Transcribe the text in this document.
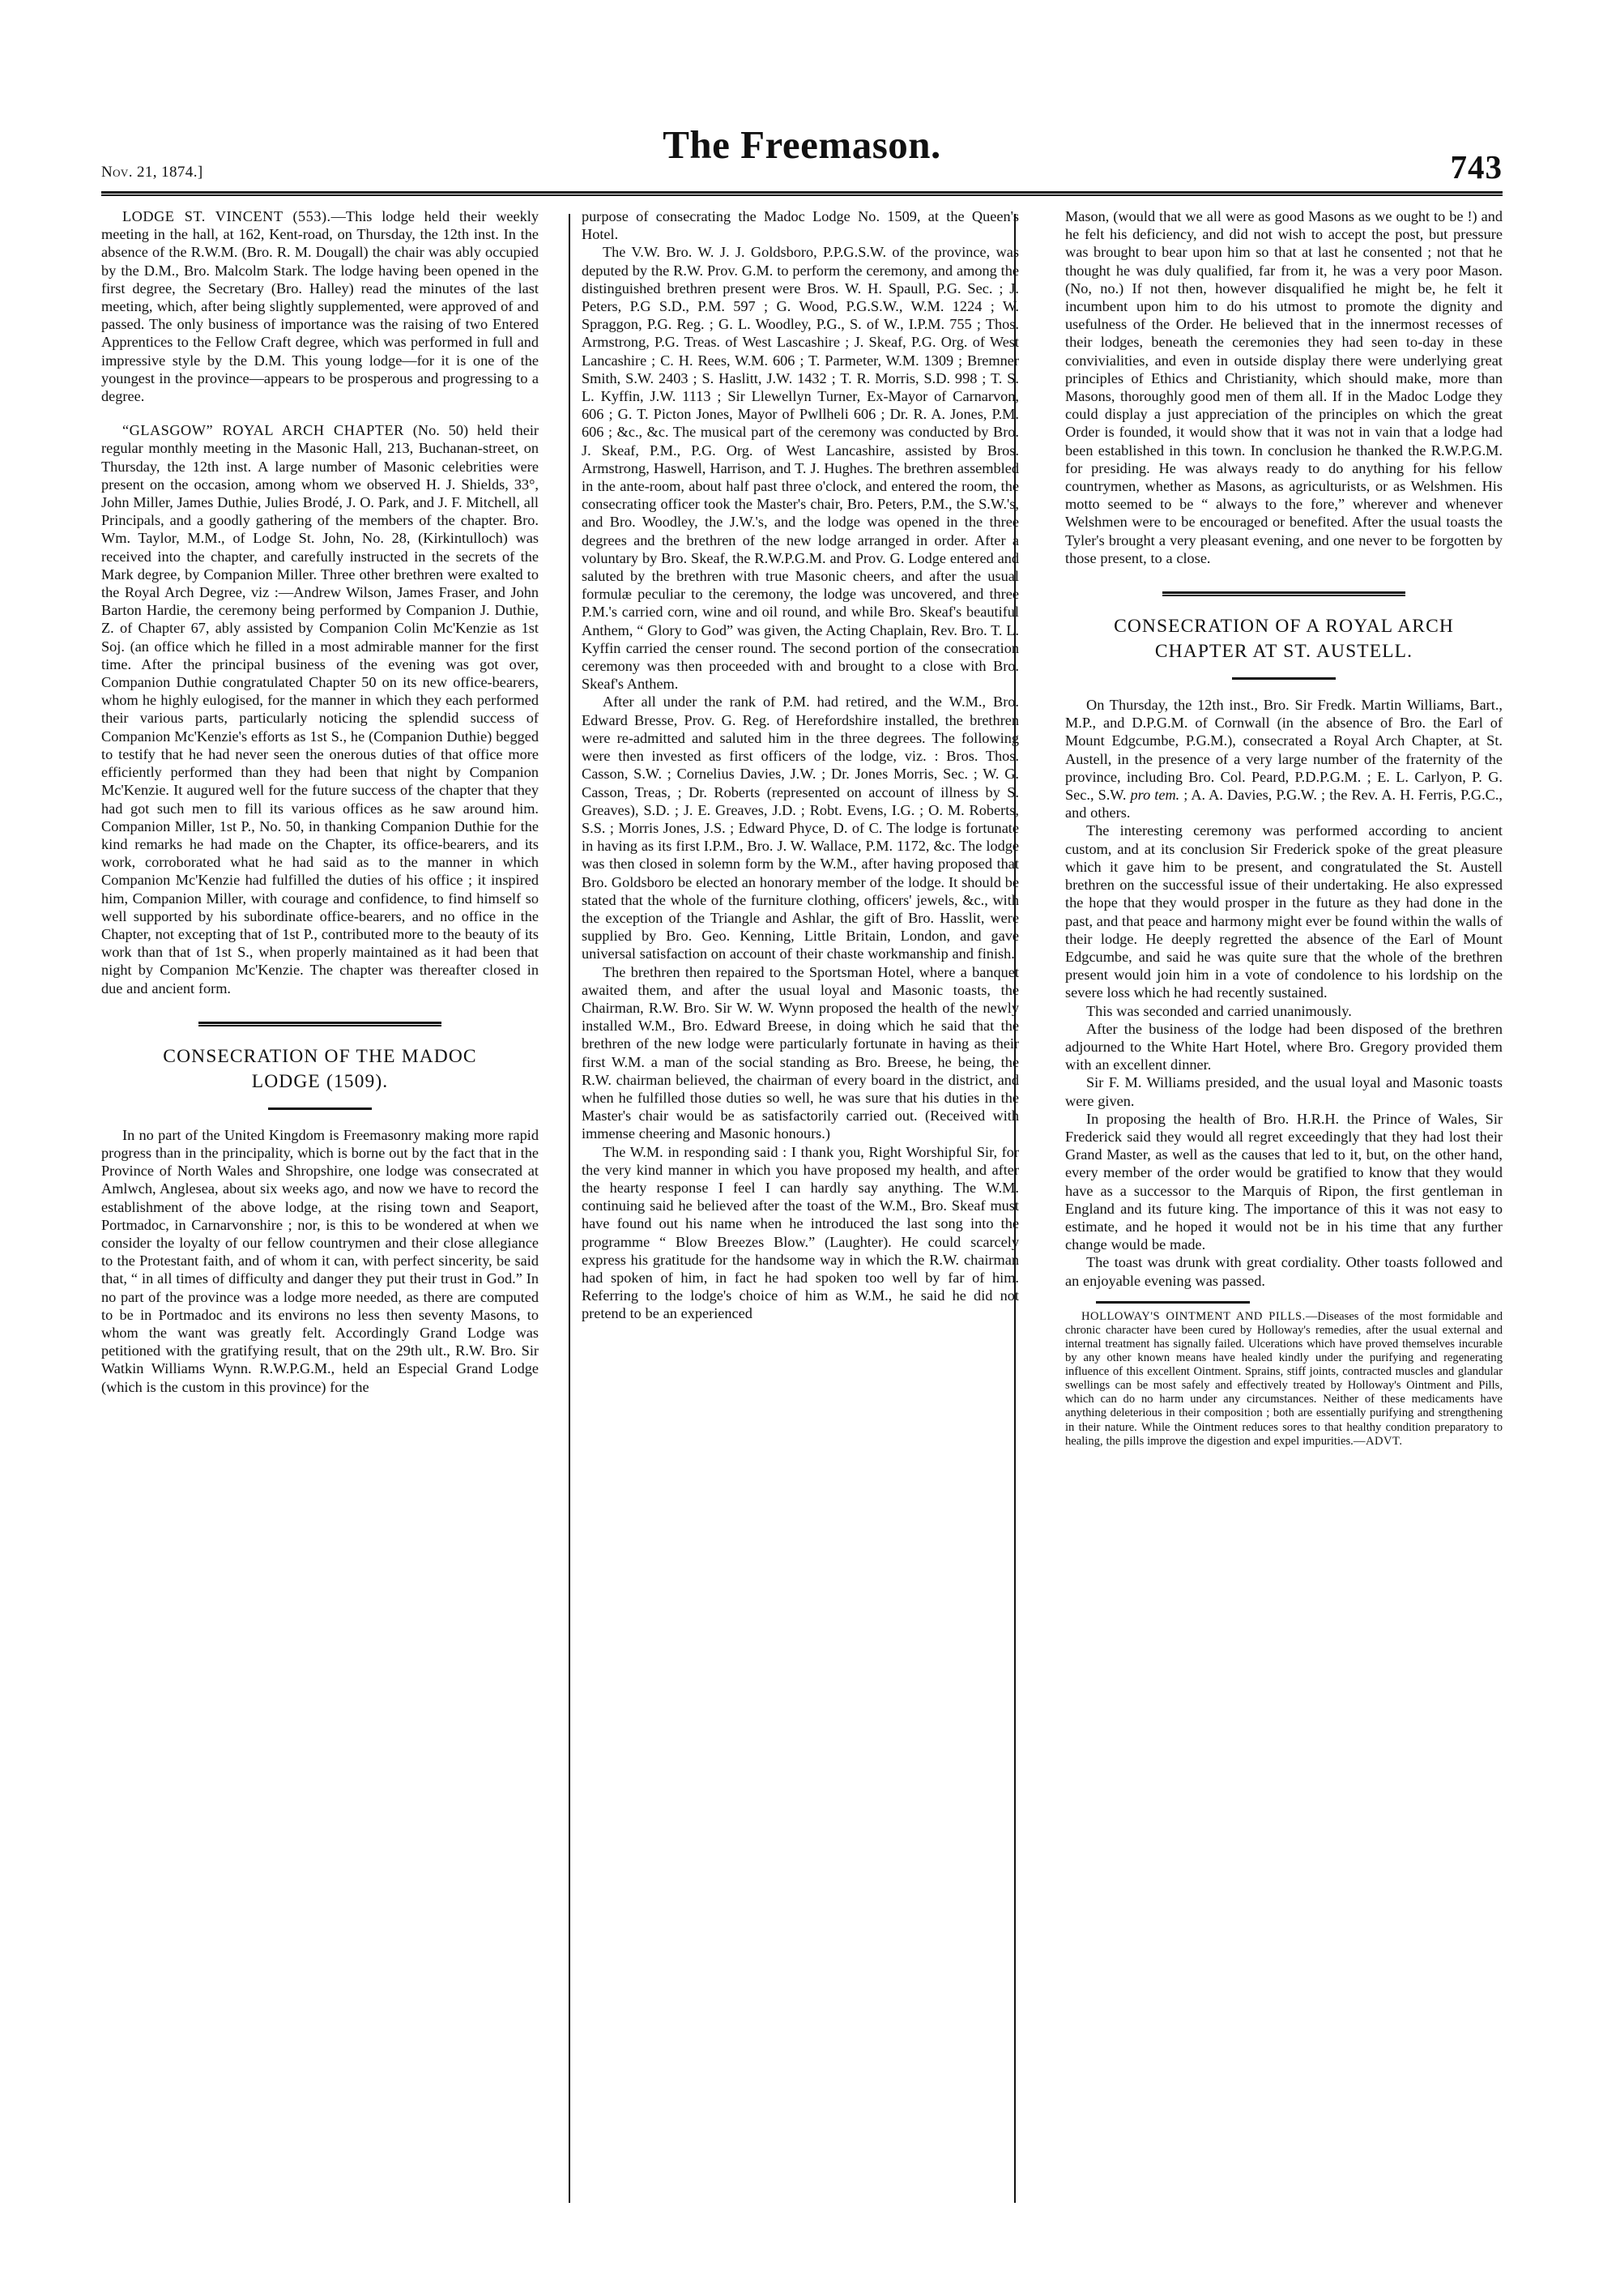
Nov. 21, 1874.]
The Freemason.	743

LODGE ST. VINCENT (553).—This lodge held their weekly meeting in the hall, at 162, Kent-road, on Thursday, the 12th inst. In the absence of the R.W.M. (Bro. R. M. Dougall) the chair was ably occupied by the D.M., Bro. Malcolm Stark. The lodge having been opened in the first degree, the Secretary (Bro. Halley) read the minutes of the last meeting, which, after being slightly supplemented, were approved of and passed. The only business of importance was the raising of two Entered Apprentices to the Fellow Craft degree, which was performed in full and impressive style by the D.M. This young lodge—for it is one of the youngest in the province—appears to be prosperous and progressing to a degree.

“GLASGOW” ROYAL ARCH CHAPTER (No. 50) held their regular monthly meeting in the Masonic Hall, 213, Buchanan-street, on Thursday, the 12th inst. A large number of Masonic celebrities were present on the occasion, among whom we observed H. J. Shields, 33°, John Miller, James Duthie, Julies Brodé, J. O. Park, and J. F. Mitchell, all Principals, and a goodly gathering of the members of the chapter. Bro. Wm. Taylor, M.M., of Lodge St. John, No. 28, (Kirkintulloch) was received into the chapter, and carefully instructed in the secrets of the Mark degree, by Companion Miller. Three other brethren were exalted to the Royal Arch Degree, viz :—Andrew Wilson, James Fraser, and John Barton Hardie, the ceremony being performed by Companion J. Duthie, Z. of Chapter 67, ably assisted by Companion Colin Mc'Kenzie as 1st Soj. (an office which he filled in a most admirable manner for the first time. After the principal business of the evening was got over, Companion Duthie congratulated Chapter 50 on its new office-bearers, whom he highly eulogised, for the manner in which they each performed their various parts, particularly noticing the splendid success of Companion Mc'Kenzie's efforts as 1st S., he (Companion Duthie) begged to testify that he had never seen the onerous duties of that office more efficiently performed than they had been that night by Companion Mc'Kenzie. It augured well for the future success of the chapter that they had got such men to fill its various offices as he saw around him. Companion Miller, 1st P., No. 50, in thanking Companion Duthie for the kind remarks he had made on the Chapter, its office-bearers, and its work, corroborated what he had said as to the manner in which Companion Mc'Kenzie had fulfilled the duties of his office ; it inspired him, Companion Miller, with courage and confidence, to find himself so well supported by his subordinate office-bearers, and no office in the Chapter, not excepting that of 1st P., contributed more to the beauty of its work than that of 1st S., when properly maintained as it had been that night by Companion Mc'Kenzie. The chapter was thereafter closed in due and ancient form.

CONSECRATION OF THE MADOC

LODGE (1509).

In no part of the United Kingdom is Freemasonry making more rapid progress than in the principality, which is borne out by the fact that in the Province of North Wales and Shropshire, one lodge was consecrated at Amlwch, Anglesea, about six weeks ago, and now we have to record the establishment of the above lodge, at the rising town and Seaport, Portmadoc, in Carnarvonshire ; nor, is this to be wondered at when we consider the loyalty of our fellow countrymen and their close allegiance to the Protestant faith, and of whom it can, with perfect sincerity, be said that, “ in all times of difficulty and danger they put their trust in God.” In no part of the province was a lodge more needed, as there are computed to be in Portmadoc and its environs no less then seventy Masons, to whom the want was greatly felt. Accordingly Grand Lodge was petitioned with the gratifying result, that on the 29th ult., R.W. Bro. Sir Watkin Williams Wynn. R.W.P.G.M., held an Especial Grand Lodge (which is the custom in this province) for the

purpose of consecrating the Madoc Lodge No. 1509, at the Queen's Hotel.

The V.W. Bro. W. J. J. Goldsboro, P.P.G.S.W. of the province, was deputed by the R.W. Prov. G.M. to perform the ceremony, and among the distinguished brethren present were Bros. W. H. Spaull, P.G. Sec. ; J. Peters, P.G S.D., P.M. 597 ; G. Wood, P.G.S.W., W.M. 1224 ; W. Spraggon, P.G. Reg. ; G. L. Woodley, P.G., S. of W., I.P.M. 755 ; Thos. Armstrong, P.G. Treas. of West Lascashire ; J. Skeaf, P.G. Org. of West Lancashire ; C. H. Rees, W.M. 606 ; T. Parmeter, W.M. 1309 ; Bremner Smith, S.W. 2403 ; S. Haslitt, J.W. 1432 ; T. R. Morris, S.D. 998 ; T. S. L. Kyffin, J.W. 1113 ; Sir Llewellyn Turner, Ex-Mayor of Carnarvon, 606 ; G. T. Picton Jones, Mayor of Pwllheli 606 ; Dr. R. A. Jones, P.M. 606 ; &c., &c. The musical part of the ceremony was conducted by Bro. J. Skeaf, P.M., P.G. Org. of West Lancashire, assisted by Bros. Armstrong, Haswell, Harrison, and T. J. Hughes. The brethren assembled in the ante-room, about half past three o'clock, and entered the room, the consecrating officer took the Master's chair, Bro. Peters, P.M., the S.W.'s, and Bro. Woodley, the J.W.'s, and the lodge was opened in the three degrees and the brethren of the new lodge arranged in order. After a voluntary by Bro. Skeaf, the R.W.P.G.M. and Prov. G. Lodge entered and saluted by the brethren with true Masonic cheers, and after the usual formulæ peculiar to the ceremony, the lodge was uncovered, and three P.M.'s carried corn, wine and oil round, and while Bro. Skeaf's beautiful Anthem, “ Glory to God” was given, the Acting Chaplain, Rev. Bro. T. L. Kyffin carried the censer round. The second portion of the consecration ceremony was then proceeded with and brought to a close with Bro. Skeaf's Anthem.

After all under the rank of P.M. had retired, and the W.M., Bro. Edward Bresse, Prov. G. Reg. of Herefordshire installed, the brethren were re-admitted and saluted him in the three degrees. The following were then invested as first officers of the lodge, viz. : Bros. Thos. Casson, S.W. ; Cornelius Davies, J.W. ; Dr. Jones Morris, Sec. ; W. G. Casson, Treas, ; Dr. Roberts (represented on account of illness by S. Greaves), S.D. ; J. E. Greaves, J.D. ; Robt. Evens, I.G. ; O. M. Roberts, S.S. ; Morris Jones, J.S. ; Edward Phyce, D. of C. The lodge is fortunate in having as its first I.P.M., Bro. J. W. Wallace, P.M. 1172, &c. The lodge was then closed in solemn form by the W.M., after having proposed that Bro. Goldsboro be elected an honorary member of the lodge. It should be stated that the whole of the furniture clothing, officers' jewels, &c., with the exception of the Triangle and Ashlar, the gift of Bro. Hasslit, were supplied by Bro. Geo. Kenning, Little Britain, London, and gave universal satisfaction on account of their chaste workmanship and finish.

The brethren then repaired to the Sportsman Hotel, where a banquet awaited them, and after the usual loyal and Masonic toasts, the Chairman, R.W. Bro. Sir W. W. Wynn proposed the health of the newly installed W.M., Bro. Edward Breese, in doing which he said that the brethren of the new lodge were particularly fortunate in having as their first W.M. a man of the social standing as Bro. Breese, he being, the R.W. chairman believed, the chairman of every board in the district, and when he fulfilled those duties so well, he was sure that his duties in the Master's chair would be as satisfactorily carried out. (Received with immense cheering and Masonic honours.)

The W.M. in responding said : I thank you, Right Worshipful Sir, for the very kind manner in which you have proposed my health, and after the hearty response I feel I can hardly say anything. The W.M. continuing said he believed after the toast of the W.M., Bro. Skeaf must have found out his name when he introduced the last song into the programme “ Blow Breezes Blow.” (Laughter). He could scarcely express his gratitude for the handsome way in which the R.W. chairman had spoken of him, in fact he had spoken too well by far of him. Referring to the lodge's choice of him as W.M., he said he did not pretend to be an experienced

Mason, (would that we all were as good Masons as we ought to be !) and he felt his deficiency, and did not wish to accept the post, but pressure was brought to bear upon him so that at last he consented ; not that he thought he was duly qualified, far from it, he was a very poor Mason. (No, no.) If not then, however disqualified he might be, he felt it incumbent upon him to do his utmost to promote the dignity and usefulness of the Order. He believed that in the innermost recesses of their lodges, beneath the ceremonies they had seen to-day in these convivialities, and even in outside display there were underlying great principles of Ethics and Christianity, which should make, more than Masons, thoroughly good men of them all. If in the Madoc Lodge they could display a just appreciation of the principles on which the great Order is founded, it would show that it was not in vain that a lodge had been established in this town. In conclusion he thanked the R.W.P.G.M. for presiding. He was always ready to do anything for his fellow countrymen, whether as Masons, as agriculturists, or as Welshmen. His motto seemed to be “ always to the fore,” wherever and whenever Welshmen were to be encouraged or benefited. After the usual toasts the Tyler's brought a very pleasant evening, and one never to be forgotten by those present, to a close.

CONSECRATION OF A ROYAL ARCH

CHAPTER AT ST. AUSTELL.

On Thursday, the 12th inst., Bro. Sir Fredk. Martin Williams, Bart., M.P., and D.P.G.M. of Cornwall (in the absence of Bro. the Earl of Mount Edgcumbe, P.G.M.), consecrated a Royal Arch Chapter, at St. Austell, in the presence of a very large number of the fraternity of the province, including Bro. Col. Peard, P.D.P.G.M. ; E. L. Carlyon, P. G. Sec., S.W. pro tem. ; A. A. Davies, P.G.W. ; the Rev. A. H. Ferris, P.G.C., and others.

The interesting ceremony was performed according to ancient custom, and at its conclusion Sir Frederick spoke of the great pleasure which it gave him to be present, and congratulated the St. Austell brethren on the successful issue of their undertaking. He also expressed the hope that they would prosper in the future as they had done in the past, and that peace and harmony might ever be found within the walls of their lodge. He deeply regretted the absence of the Earl of Mount Edgcumbe, and said he was quite sure that the whole of the brethren present would join him in a vote of condolence to his lordship on the severe loss which he had recently sustained.

This was seconded and carried unanimously.

After the business of the lodge had been disposed of the brethren adjourned to the White Hart Hotel, where Bro. Gregory provided them with an excellent dinner.

Sir F. M. Williams presided, and the usual loyal and Masonic toasts were given.

In proposing the health of Bro. H.R.H. the Prince of Wales, Sir Frederick said they would all regret exceedingly that they had lost their Grand Master, as well as the causes that led to it, but, on the other hand, every member of the order would be gratified to know that they would have as a successor to the Marquis of Ripon, the first gentleman in England and its future king. The importance of this it was not easy to estimate, and he hoped it would not be in his time that any further change would be made.

The toast was drunk with great cordiality. Other toasts followed and an enjoyable evening was passed.

HOLLOWAY'S OINTMENT AND PILLS.—Diseases of the most formidable and chronic character have been cured by Holloway's remedies, after the usual external and internal treatment has signally failed. Ulcerations which have proved themselves incurable by any other known means have healed kindly under the purifying and regenerating influence of this excellent Ointment. Sprains, stiff joints, contracted muscles and glandular swellings can be most safely and effectively treated by Holloway's Ointment and Pills, which can do no harm under any circumstances. Neither of these medicaments have anything deleterious in their composition ; both are essentially purifying and strengthening in their nature. While the Ointment reduces sores to that healthy condition preparatory to healing, the pills improve the digestion and expel impurities.—ADVT.
